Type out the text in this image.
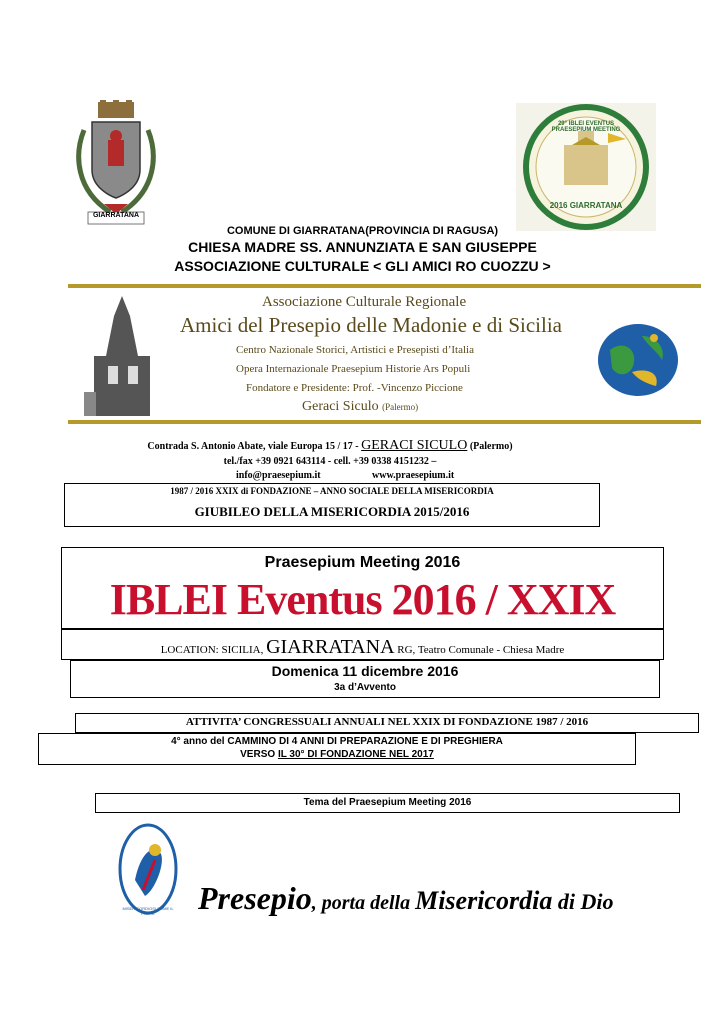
GIARRATANA
29° IBLEI EVENTUS PRAESEPIUM MEETING
2016 GIARRATANA
COMUNE DI GIARRATANA(PROVINCIA DI RAGUSA)
CHIESA MADRE SS. ANNUNZIATA E SAN GIUSEPPE
ASSOCIAZIONE CULTURALE < GLI AMICI RO CUOZZU >
Associazione Culturale Regionale
Amici del Presepio delle Madonie e di Sicilia
Centro Nazionale Storici, Artistici e Presepisti d’Italia
Opera Internazionale Praesepium Historie Ars Populi
Fondatore e Presidente: Prof. -Vincenzo Piccione
Geraci Siculo (Palermo)
Contrada S. Antonio Abate, viale Europa 15 / 17 - GERACI SICULO (Palermo)
tel./fax +39 0921 643114 - cell. +39 0338 4151232 –
info@praesepium.it	www.praesepium.it
1987 / 2016 XXIX di FONDAZIONE – ANNO SOCIALE DELLA MISERICORDIA
GIUBILEO DELLA MISERICORDIA 2015/2016
Praesepium Meeting 2016
IBLEI Eventus 2016 / XXIX
LOCATION: SICILIA, GIARRATANA RG, Teatro Comunale - Chiesa Madre
Domenica 11 dicembre 2016
3a d’Avvento
ATTIVITA’ CONGRESSUALI ANNUALI NEL XXIX DI FONDAZIONE 1987 / 2016
4° anno del CAMMINO DI 4 ANNI DI PREPARAZIONE E DI PREGHIERA
VERSO IL 30° DI FONDAZIONE NEL 2017
Tema del Praesepium Meeting 2016
MISERICORDIOSI COME IL PADRE	Presepio, porta della Misericordia di Dio
